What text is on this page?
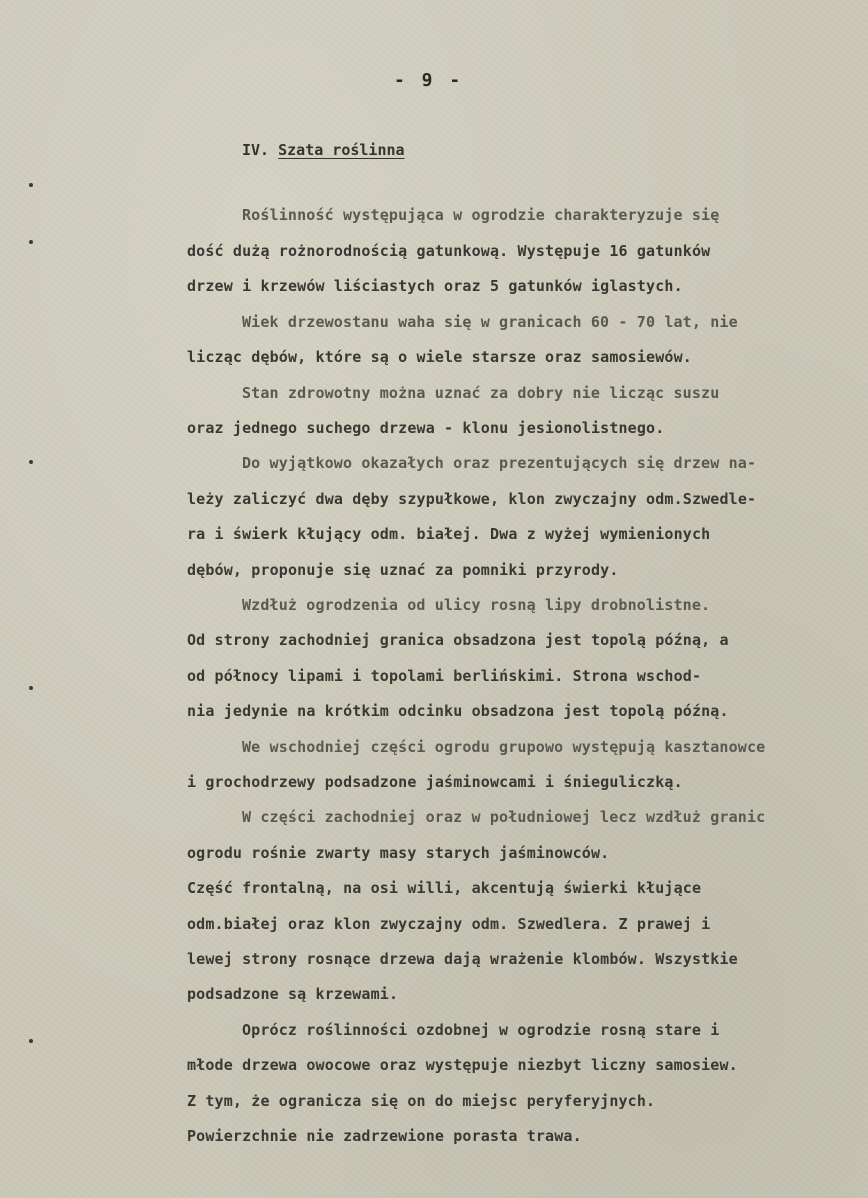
- 9 -
IV. Szata roślinna
Roślinność występująca w ogrodzie charakteryzuje się
dość dużą rożnorodnością gatunkową. Występuje 16 gatunków
drzew i krzewów liściastych oraz 5 gatunków iglastych.
Wiek drzewostanu waha się w granicach 60 - 70 lat, nie
licząc dębów, które są o wiele starsze oraz samosiewów.
Stan zdrowotny można uznać za dobry nie licząc suszu
oraz jednego suchego drzewa - klonu jesionolistnego.
Do wyjątkowo okazałych oraz prezentujących się drzew na-
leży zaliczyć dwa dęby szypułkowe, klon zwyczajny odm.Szwedle-
ra i świerk kłujący odm. białej. Dwa z wyżej wymienionych
dębów, proponuje się uznać za pomniki przyrody.
Wzdłuż ogrodzenia od ulicy rosną lipy drobnolistne.
Od strony zachodniej granica obsadzona jest topolą późną, a
od północy lipami i topolami berlińskimi. Strona wschod-
nia jedynie na krótkim odcinku obsadzona jest topolą późną.
We wschodniej części ogrodu grupowo występują kasztanowce
i grochodrzewy podsadzone jaśminowcami i śnieguliczką.
W części zachodniej oraz w południowej lecz wzdłuż granic
ogrodu rośnie zwarty masy starych jaśminowców.
Część frontalną, na osi willi, akcentują świerki kłujące
odm.białej oraz klon zwyczajny odm. Szwedlera. Z prawej i
lewej strony rosnące drzewa dają wrażenie klombów. Wszystkie
podsadzone są krzewami.
Oprócz roślinności ozdobnej w ogrodzie rosną stare i
młode drzewa owocowe oraz występuje niezbyt liczny samosiew.
Z tym, że ogranicza się on do miejsc peryferyjnych.
Powierzchnie nie zadrzewione porasta trawa.
